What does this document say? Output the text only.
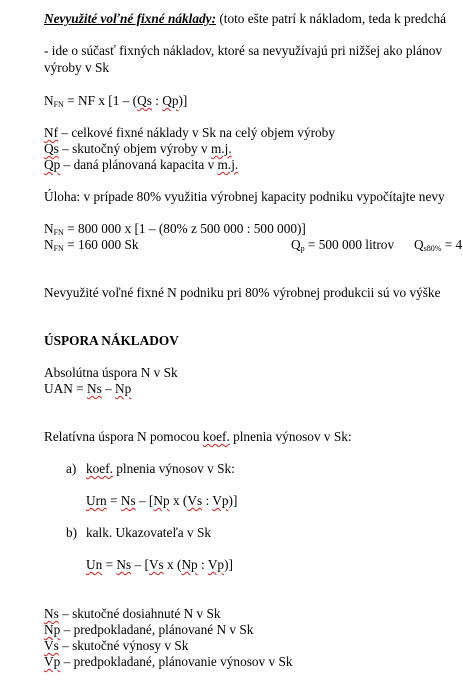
Nevyužité voľné fixné náklady: (toto ešte patrí k nákladom, teda k predchá
- ide o súčasť fixných nákladov, ktoré sa nevyužívajú pri nižšej ako plánov
výroby v Sk
$N_{FN}$ = NF x [1 – (Qs : Qp)]
Nf – celkové fixné náklady v Sk na celý objem výroby
Qs – skutočný objem výroby v m.j.
Qp – daná plánovaná kapacita v m.j.
Úloha: v prípade 80% využitia výrobnej kapacity podniku vypočítajte nevy
$N_{FN} = 800$ 000 x [1 – (80% z 500 000 : 500 000)]
$N_{FN} = 160$ 000 Sk	$Q_p = 500$ 000 litrov $Q_{s80\%} = 4$
Nevyužité voľné fixné N podniku pri 80% výrobnej produkcii sú vo výške
ÚSPORA NÁKLADOV
Absolútna úspora N v Sk
UAN = Ns – Np
Relatívna úspora N pomocou koef. plnenia výnosov v Sk:
a) koef. plnenia výnosov v Sk:
Urn = Ns – [Np x (Vs : Vp)]
b) kalk. Ukazovateľa v Sk
Un = Ns – [Vs x (Np : Vp)]
Ns – skutočné dosiahnuté N v Sk
Np – predpokladané, plánované N v Sk
Vs – skutočné výnosy v Sk
Vp – predpokladané, plánovanie výnosov v Sk
